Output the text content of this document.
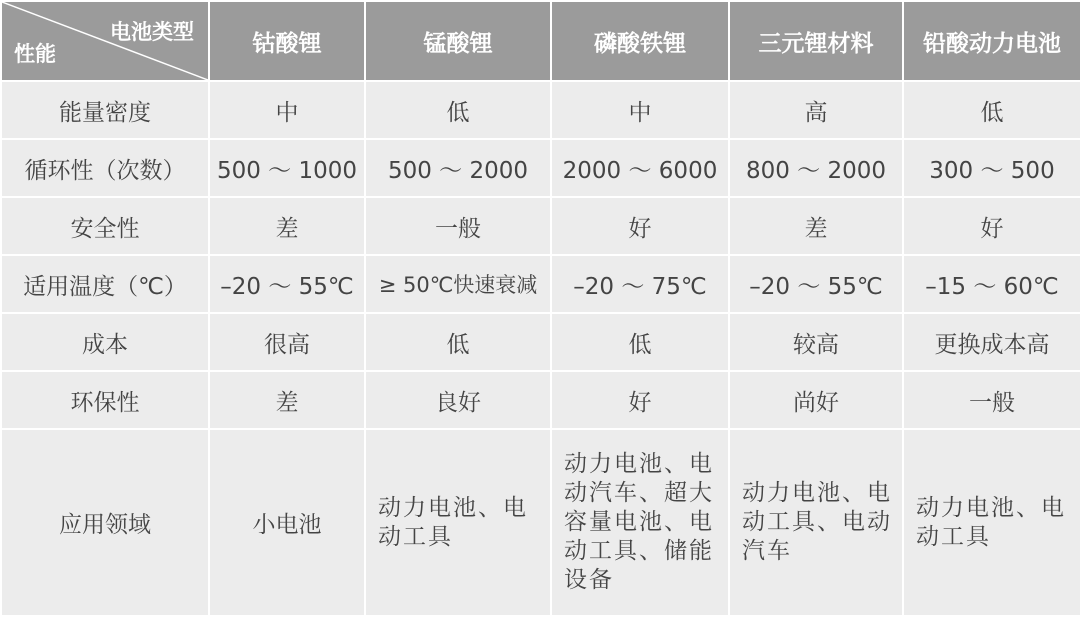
电池类型
性能	钴酸锂	锰酸锂	磷酸铁锂	三元锂材料	铅酸动力电池
能量密度	中	低	中	高	低
循环性（次数）	500 ～ 1000	500 ～ 2000	2000 ～ 6000	800 ～ 2000	300 ～ 500
安全性	差	一般	好	差	好
适用温度（℃）	–20 ～ 55℃	≥ 50℃快速衰减	–20 ～ 75℃	–20 ～ 55℃	–15 ～ 60℃
成本	很高	低	低	较高	更换成本高
环保性	差	良好	好	尚好	一般
应用领域	小电池	动力电池、电动工具	动力电池、电动汽车、超大容量电池、电动工具、储能设备	动力电池、电动工具、电动汽车	动力电池、电动工具
